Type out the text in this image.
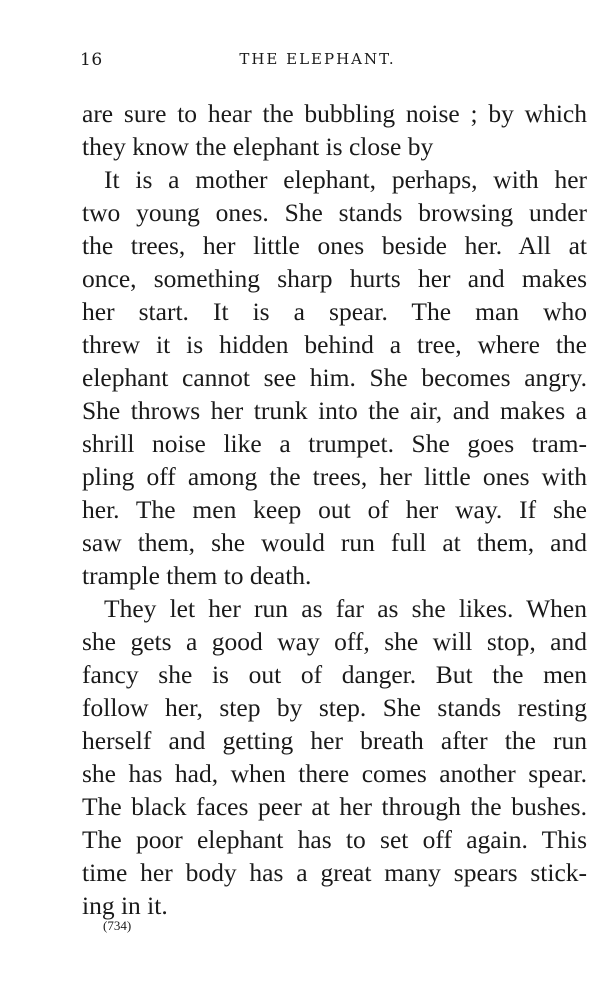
16	THE ELEPHANT.

are sure to hear the bubbling noise ; by which
they know the elephant is close by

It is a mother elephant, perhaps, with her
two young ones. She stands browsing under
the trees, her little ones beside her. All at
once, something sharp hurts her and makes
her start. It is a spear. The man who
threw it is hidden behind a tree, where the
elephant cannot see him. She becomes angry.
She throws her trunk into the air, and makes a
shrill noise like a trumpet. She goes tram-
pling off among the trees, her little ones with
her. The men keep out of her way. If she
saw them, she would run full at them, and
trample them to death.

They let her run as far as she likes. When
she gets a good way off, she will stop, and
fancy she is out of danger. But the men
follow her, step by step. She stands resting
herself and getting her breath after the run
she has had, when there comes another spear.
The black faces peer at her through the bushes.
The poor elephant has to set off again. This
time her body has a great many spears stick-
ing in it.

(734)
